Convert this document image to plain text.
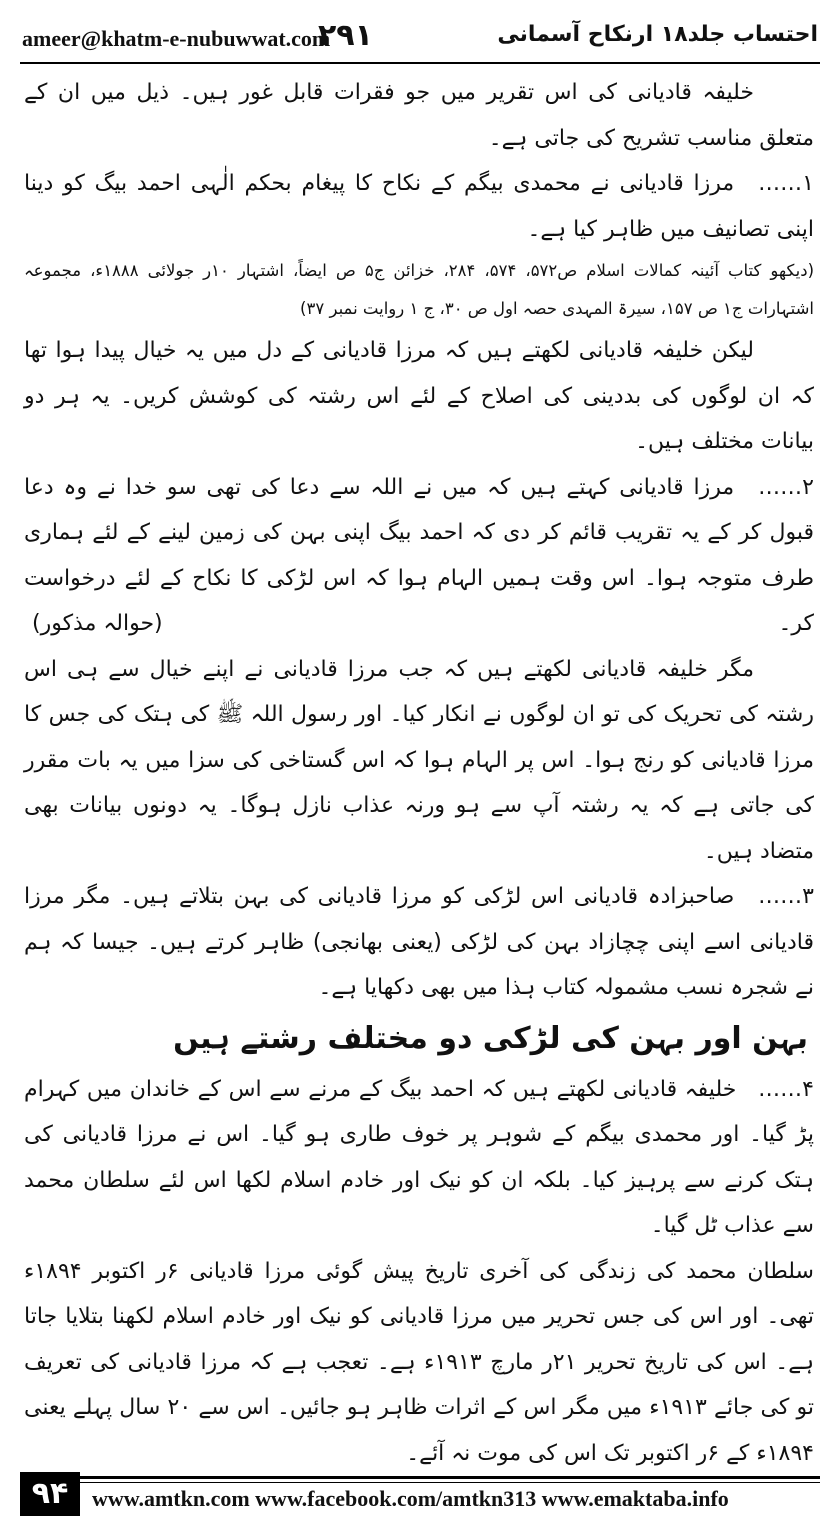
ameer@khatm-e-nubuwwat.com
۲۹۱	احتساب جلد۱۸ ارنکاح آسمانی

خلیفہ قادیانی کی اس تقریر میں جو فقرات قابل غور ہیں۔ ذیل میں ان کے متعلق مناسب تشریح کی جاتی ہے۔

۱…… مرزا قادیانی نے محمدی بیگم کے نکاح کا پیغام بحکم الٰہی احمد بیگ کو دینا اپنی تصانیف میں ظاہر کیا ہے۔

(دیکھو کتاب آئینہ کمالات اسلام ص۵۷۲، ۵۷۴، ۲۸۴، خزائن ج۵ ص ایضاً، اشتہار ۱۰ر جولائی ۱۸۸۸ء، مجموعہ اشتہارات ج۱ ص ۱۵۷، سیرۃ المہدی حصہ اول ص ۳۰، ج ۱ روایت نمبر ۳۷)

لیکن خلیفہ قادیانی لکھتے ہیں کہ مرزا قادیانی کے دل میں یہ خیال پیدا ہوا تھا کہ ان لوگوں کی بددینی کی اصلاح کے لئے اس رشتہ کی کوشش کریں۔ یہ ہر دو بیانات مختلف ہیں۔

۲…… مرزا قادیانی کہتے ہیں کہ میں نے اللہ سے دعا کی تھی سو خدا نے وہ دعا قبول کر کے یہ تقریب قائم کر دی کہ احمد بیگ اپنی بہن کی زمین لینے کے لئے ہماری طرف متوجہ ہوا۔ اس وقت ہمیں الہام ہوا کہ اس لڑکی کا نکاح کے لئے درخواست کر۔
(حوالہ مذکور)

مگر خلیفہ قادیانی لکھتے ہیں کہ جب مرزا قادیانی نے اپنے خیال سے ہی اس رشتہ کی تحریک کی تو ان لوگوں نے انکار کیا۔ اور رسول اللہ ﷺ کی ہتک کی جس کا مرزا قادیانی کو رنج ہوا۔ اس پر الہام ہوا کہ اس گستاخی کی سزا میں یہ بات مقرر کی جاتی ہے کہ یہ رشتہ آپ سے ہو ورنہ عذاب نازل ہوگا۔ یہ دونوں بیانات بھی متضاد ہیں۔

۳…… صاحبزادہ قادیانی اس لڑکی کو مرزا قادیانی کی بہن بتلاتے ہیں۔ مگر مرزا قادیانی اسے اپنی چچازاد بہن کی لڑکی (یعنی بھانجی) ظاہر کرتے ہیں۔ جیسا کہ ہم نے شجرہ نسب مشمولہ کتاب ہذا میں بھی دکھایا ہے۔

بہن اور بہن کی لڑکی دو مختلف رشتے ہیں

۴…… خلیفہ قادیانی لکھتے ہیں کہ احمد بیگ کے مرنے سے اس کے خاندان میں کہرام پڑ گیا۔ اور محمدی بیگم کے شوہر پر خوف طاری ہو گیا۔ اس نے مرزا قادیانی کی ہتک کرنے سے پرہیز کیا۔ بلکہ ان کو نیک اور خادم اسلام لکھا اس لئے سلطان محمد سے عذاب ٹل گیا۔

سلطان محمد کی زندگی کی آخری تاریخ پیش گوئی مرزا قادیانی ۶ر اکتوبر ۱۸۹۴ء تھی۔ اور اس کی جس تحریر میں مرزا قادیانی کو نیک اور خادم اسلام لکھنا بتلایا جاتا ہے۔ اس کی تاریخ تحریر ۲۱ر مارچ ۱۹۱۳ء ہے۔ تعجب ہے کہ مرزا قادیانی کی تعریف تو کی جائے ۱۹۱۳ء میں مگر اس کے اثرات ظاہر ہو جائیں۔ اس سے ۲۰ سال پہلے یعنی ۱۸۹۴ء کے ۶ر اکتوبر تک اس کی موت نہ آئے۔

۹۴	www.amtkn.com www.facebook.com/amtkn313 www.emaktaba.info
